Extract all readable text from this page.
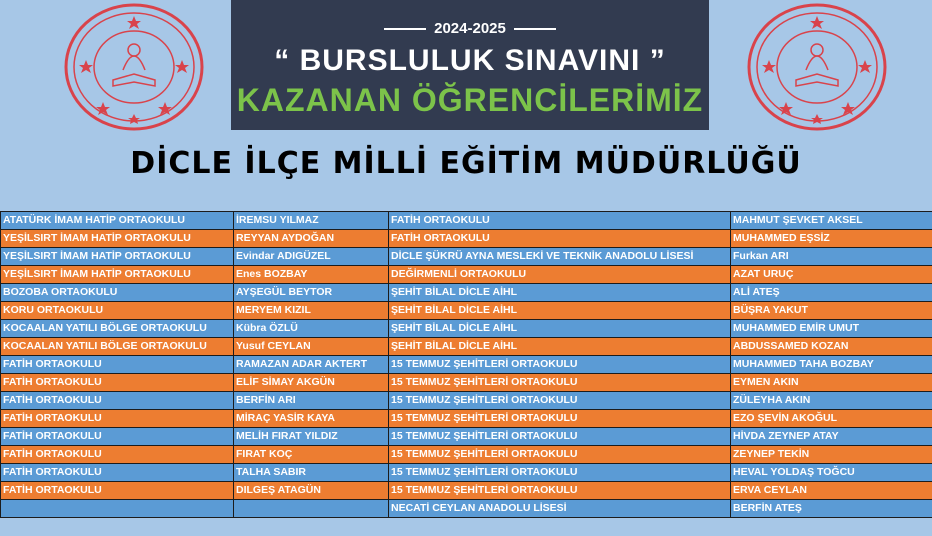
2024-2025
“ BURSLULUK SINAVINI ”
KAZANAN ÖĞRENCİLERİMİZ
DİCLE İLÇE MİLLİ EĞİTİM MÜDÜRLÜĞÜ
ATATÜRK İMAM HATİP ORTAOKULU	İREMSU YILMAZ	FATİH ORTAOKULU	MAHMUT ŞEVKET AKSEL
YEŞİLSIRT İMAM HATİP ORTAOKULU	REYYAN AYDOĞAN	FATİH ORTAOKULU	MUHAMMED EŞSİZ
YEŞİLSIRT İMAM HATİP ORTAOKULU	Evindar ADIGÜZEL	DİCLE ŞÜKRÜ AYNA MESLEKİ VE TEKNİK ANADOLU LİSESİ	Furkan ARI
YEŞİLSIRT İMAM HATİP ORTAOKULU	Enes BOZBAY	DEĞİRMENLİ ORTAOKULU	AZAT URUÇ
BOZOBA ORTAOKULU	AYŞEGÜL BEYTOR	ŞEHİT BİLAL DİCLE AİHL	ALİ ATEŞ
KORU ORTAOKULU	MERYEM KIZIL	ŞEHİT BİLAL DİCLE AİHL	BÜŞRA YAKUT
KOCAALAN YATILI BÖLGE ORTAOKULU	Kübra ÖZLÜ	ŞEHİT BİLAL DİCLE AİHL	MUHAMMED EMİR UMUT
KOCAALAN YATILI BÖLGE ORTAOKULU	Yusuf CEYLAN	ŞEHİT BİLAL DİCLE AİHL	ABDUSSAMED KOZAN
FATİH ORTAOKULU	RAMAZAN ADAR AKTERT	15 TEMMUZ ŞEHİTLERİ ORTAOKULU	MUHAMMED TAHA BOZBAY
FATİH ORTAOKULU	ELİF SİMAY AKGÜN	15 TEMMUZ ŞEHİTLERİ ORTAOKULU	EYMEN AKIN
FATİH ORTAOKULU	BERFİN ARI	15 TEMMUZ ŞEHİTLERİ ORTAOKULU	ZÜLEYHA AKIN
FATİH ORTAOKULU	MİRAÇ YASİR KAYA	15 TEMMUZ ŞEHİTLERİ ORTAOKULU	EZO ŞEVİN AKOĞUL
FATİH ORTAOKULU	MELİH FIRAT YILDIZ	15 TEMMUZ ŞEHİTLERİ ORTAOKULU	HİVDA ZEYNEP ATAY
FATİH ORTAOKULU	FIRAT KOÇ	15 TEMMUZ ŞEHİTLERİ ORTAOKULU	ZEYNEP TEKİN
FATİH ORTAOKULU	TALHA SABIR	15 TEMMUZ ŞEHİTLERİ ORTAOKULU	HEVAL YOLDAŞ TOĞCU
FATİH ORTAOKULU	DILGEŞ ATAGÜN	15 TEMMUZ ŞEHİTLERİ ORTAOKULU	ERVA CEYLAN
		NECATİ CEYLAN ANADOLU LİSESİ	BERFİN ATEŞ
